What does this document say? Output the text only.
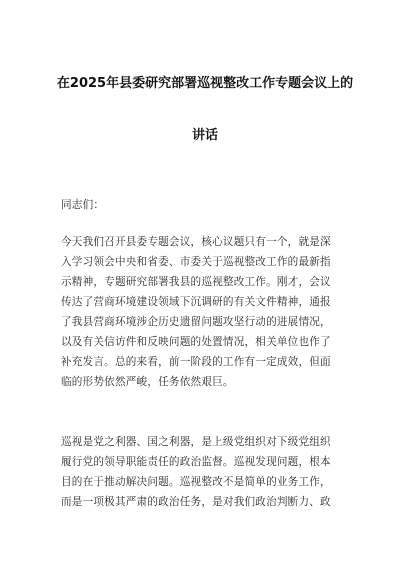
在2025年县委研究部署巡视整改工作专题会议上的
讲话
同志们：
今天我们召开县委专题会议，核心议题只有一个，就是深
入学习领会中央和省委、市委关于巡视整改工作的最新指
示精神，专题研究部署我县的巡视整改工作。刚才，会议
传达了营商环境建设领域下沉调研的有关文件精神，通报
了我县营商环境涉企历史遗留问题攻坚行动的进展情况，
以及有关信访件和反映问题的处置情况，相关单位也作了
补充发言。总的来看，前一阶段的工作有一定成效，但面
临的形势依然严峻，任务依然艰巨。
巡视是党之利器、国之利器，是上级党组织对下级党组织
履行党的领导职能责任的政治监督。巡视发现问题，根本
目的在于推动解决问题。巡视整改不是简单的业务工作，
而是一项极其严肃的政治任务，是对我们政治判断力、政
